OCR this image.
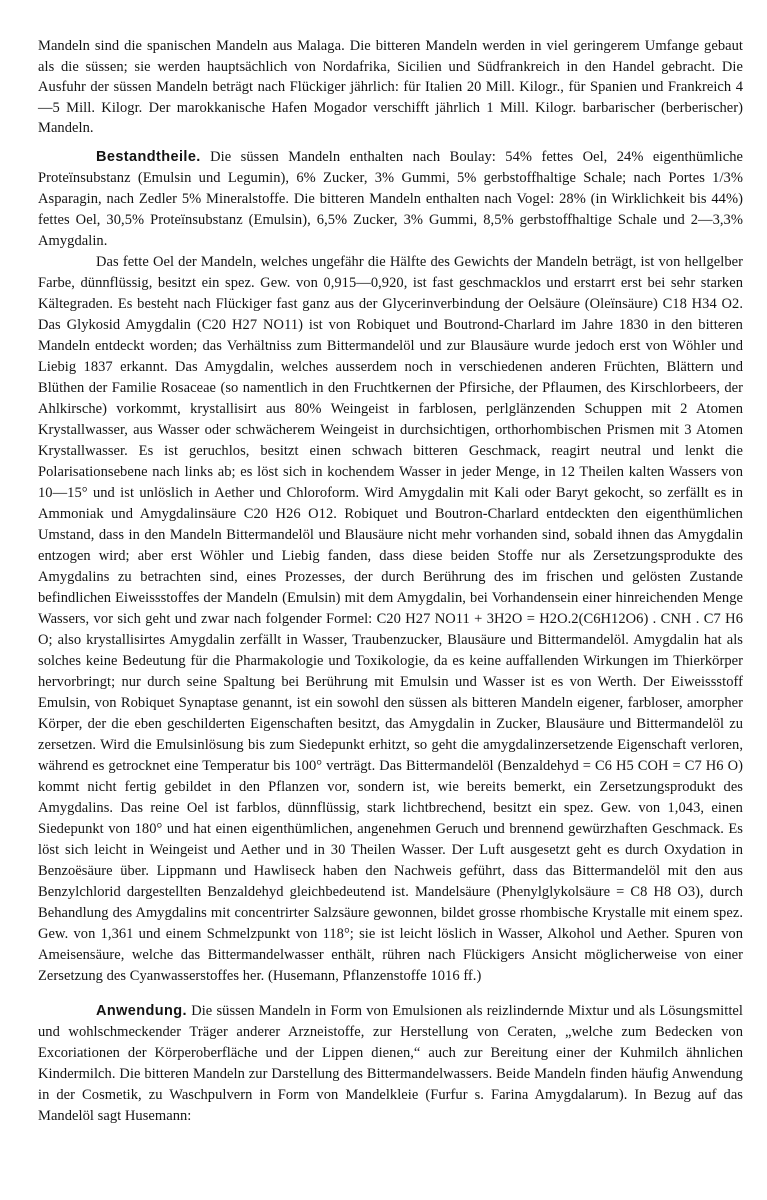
Mandeln sind die spanischen Mandeln aus Malaga. Die bitteren Mandeln werden in viel geringerem Umfange gebaut als die süssen; sie werden hauptsächlich von Nordafrika, Sicilien und Südfrankreich in den Handel gebracht. Die Ausfuhr der süssen Mandeln beträgt nach Flückiger jährlich: für Italien 20 Mill. Kilogr., für Spanien und Frankreich 4—5 Mill. Kilogr. Der marokkanische Hafen Mogador verschifft jährlich 1 Mill. Kilogr. barbarischer (berberischer) Mandeln.

Bestandtheile. Die süssen Mandeln enthalten nach Boulay: 54% fettes Oel, 24% eigenthümliche Proteïnsubstanz (Emulsin und Legumin), 6% Zucker, 3% Gummi, 5% gerbstoffhaltige Schale; nach Portes 1/3% Asparagin, nach Zedler 5% Mineralstoffe. Die bitteren Mandeln enthalten nach Vogel: 28% (in Wirklichkeit bis 44%) fettes Oel, 30,5% Proteïnsubstanz (Emulsin), 6,5% Zucker, 3% Gummi, 8,5% gerbstoffhaltige Schale und 2—3,3% Amygdalin.

Das fette Oel der Mandeln, welches ungefähr die Hälfte des Gewichts der Mandeln beträgt, ist von hellgelber Farbe, dünnflüssig, besitzt ein spez. Gew. von 0,915—0,920, ist fast geschmacklos und erstarrt erst bei sehr starken Kältegraden. Es besteht nach Flückiger fast ganz aus der Glycerinverbindung der Oelsäure (Oleïnsäure) C18 H34 O2. Das Glykosid Amygdalin (C20 H27 NO11) ist von Robiquet und Boutrond-Charlard im Jahre 1830 in den bitteren Mandeln entdeckt worden; das Verhältniss zum Bittermandelöl und zur Blausäure wurde jedoch erst von Wöhler und Liebig 1837 erkannt. Das Amygdalin, welches ausserdem noch in verschiedenen anderen Früchten, Blättern und Blüthen der Familie Rosaceae (so namentlich in den Fruchtkernen der Pfirsiche, der Pflaumen, des Kirschlorbeers, der Ahlkirsche) vorkommt, krystallisirt aus 80% Weingeist in farblosen, perlglänzenden Schuppen mit 2 Atomen Krystallwasser, aus Wasser oder schwächerem Weingeist in durchsichtigen, orthorhombischen Prismen mit 3 Atomen Krystallwasser. Es ist geruchlos, besitzt einen schwach bitteren Geschmack, reagirt neutral und lenkt die Polarisationsebene nach links ab; es löst sich in kochendem Wasser in jeder Menge, in 12 Theilen kalten Wassers von 10—15° und ist unlöslich in Aether und Chloroform. Wird Amygdalin mit Kali oder Baryt gekocht, so zerfällt es in Ammoniak und Amygdalinsäure C20 H26 O12. Robiquet und Boutron-Charlard entdeckten den eigenthümlichen Umstand, dass in den Mandeln Bittermandelöl und Blausäure nicht mehr vorhanden sind, sobald ihnen das Amygdalin entzogen wird; aber erst Wöhler und Liebig fanden, dass diese beiden Stoffe nur als Zersetzungsprodukte des Amygdalins zu betrachten sind, eines Prozesses, der durch Berührung des im frischen und gelösten Zustande befindlichen Eiweissstoffes der Mandeln (Emulsin) mit dem Amygdalin, bei Vorhandensein einer hinreichenden Menge Wassers, vor sich geht und zwar nach folgender Formel: C20 H27 NO11 + 3H2O = H2O.2(C6H12O6) . CNH . C7 H6 O; also krystallisirtes Amygdalin zerfällt in Wasser, Traubenzucker, Blausäure und Bittermandelöl. Amygdalin hat als solches keine Bedeutung für die Pharmakologie und Toxikologie, da es keine auffallenden Wirkungen im Thierkörper hervorbringt; nur durch seine Spaltung bei Berührung mit Emulsin und Wasser ist es von Werth. Der Eiweissstoff Emulsin, von Robiquet Synaptase genannt, ist ein sowohl den süssen als bitteren Mandeln eigener, farbloser, amorpher Körper, der die eben geschilderten Eigenschaften besitzt, das Amygdalin in Zucker, Blausäure und Bittermandelöl zu zersetzen. Wird die Emulsinlösung bis zum Siedepunkt erhitzt, so geht die amygdalinzersetzende Eigenschaft verloren, während es getrocknet eine Temperatur bis 100° verträgt. Das Bittermandelöl (Benzaldehyd = C6 H5 COH = C7 H6 O) kommt nicht fertig gebildet in den Pflanzen vor, sondern ist, wie bereits bemerkt, ein Zersetzungsprodukt des Amygdalins. Das reine Oel ist farblos, dünnflüssig, stark lichtbrechend, besitzt ein spez. Gew. von 1,043, einen Siedepunkt von 180° und hat einen eigenthümlichen, angenehmen Geruch und brennend gewürzhaften Geschmack. Es löst sich leicht in Weingeist und Aether und in 30 Theilen Wasser. Der Luft ausgesetzt geht es durch Oxydation in Benzoësäure über. Lippmann und Hawliseck haben den Nachweis geführt, dass das Bittermandelöl mit den aus Benzylchlorid dargestellten Benzaldehyd gleichbedeutend ist. Mandelsäure (Phenylglykolsäure = C8 H8 O3), durch Behandlung des Amygdalins mit concentrirter Salzsäure gewonnen, bildet grosse rhombische Krystalle mit einem spez. Gew. von 1,361 und einem Schmelzpunkt von 118°; sie ist leicht löslich in Wasser, Alkohol und Aether. Spuren von Ameisensäure, welche das Bittermandelwasser enthält, rühren nach Flückigers Ansicht möglicherweise von einer Zersetzung des Cyanwasserstoffes her. (Husemann, Pflanzenstoffe 1016 ff.)

Anwendung. Die süssen Mandeln in Form von Emulsionen als reizlindernde Mixtur und als Lösungsmittel und wohlschmeckender Träger anderer Arzneistoffe, zur Herstellung von Ceraten, „welche zum Bedecken von Excoriationen der Körperoberfläche und der Lippen dienen,“ auch zur Bereitung einer der Kuhmilch ähnlichen Kindermilch. Die bitteren Mandeln zur Darstellung des Bittermandelwassers. Beide Mandeln finden häufig Anwendung in der Cosmetik, zu Waschpulvern in Form von Mandelkleie (Furfur s. Farina Amygdalarum). In Bezug auf das Mandelöl sagt Husemann:
